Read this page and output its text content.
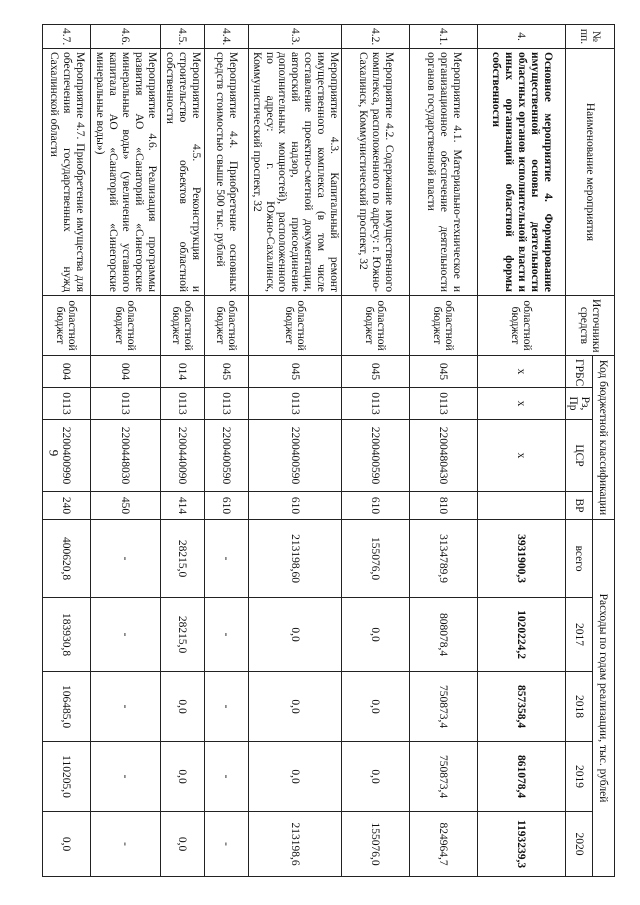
9
№ пп.	Наименование мероприятия	Источники средств	Код бюджетной классификации				Расходы по годам реализации, тыс. рублей				
			ГРБС	Рз, Пр	ЦСР	ВР	всего	2017	2018	2019	2020
4.	Основное мероприятие 4. Формирование имущественной основы деятельности областных органов исполнительной власти и иных организаций областной формы собственности	областной бюджет	х	х	х		3931900,3	1020224,2	857358,4	861078,4	1193239,3
4.1.	Мероприятие 4.1. Материально-техническое и организационное обеспечение деятельности органов государственной власти	областной бюджет	045	0113	2200480430	810	3134789,9	808078,4	750873,4	750873,4	824964,7
4.2.	Мероприятие 4.2. Содержание имущественного комплекса, расположенного по адресу: г. Южно-Сахалинск, Коммунистический проспект, 32	областной бюджет	045	0113	2200400590	610	155076,0	0,0	0,0	0,0	155076,0
4.3.	Мероприятие 4.3. Капитальный ремонт имущественного комплекса (в том числе составление проектно-сметной документации, авторский надзор, присоединение дополнительных мощностей), расположенного по адресу: г. Южно-Сахалинск, Коммунистический проспект, 32	областной бюджет	045	0113	2200400590	610	213198,60	0,0	0,0	0,0	213198,6
4.4.	Мероприятие 4.4. Приобретение основных средств стоимостью свыше 500 тыс. рублей	областной бюджет	045	0113	2200400590	610	-	-	-	-	-
4.5.	Мероприятие 4.5. Реконструкция и строительство объектов областной собственности	областной бюджет	014	0113	2200440090	414	28215,0	28215,0	0,0	0,0	0,0
4.6.	Мероприятие 4.6. Реализация программы развития АО «Санаторий «Синегорские минеральные воды» (увеличение уставного капитала АО «Санаторий «Синегорские минеральные воды»)	областной бюджет	004	0113	2200448030	450	-	-	-	-	-
4.7.	Мероприятие 4.7. Приобретение имущества для обеспечения государственных нужд Сахалинской области	областной бюджет	004	0113	2200400990	240	400620,8	183930,8	106485,0	110205,0	0,0
